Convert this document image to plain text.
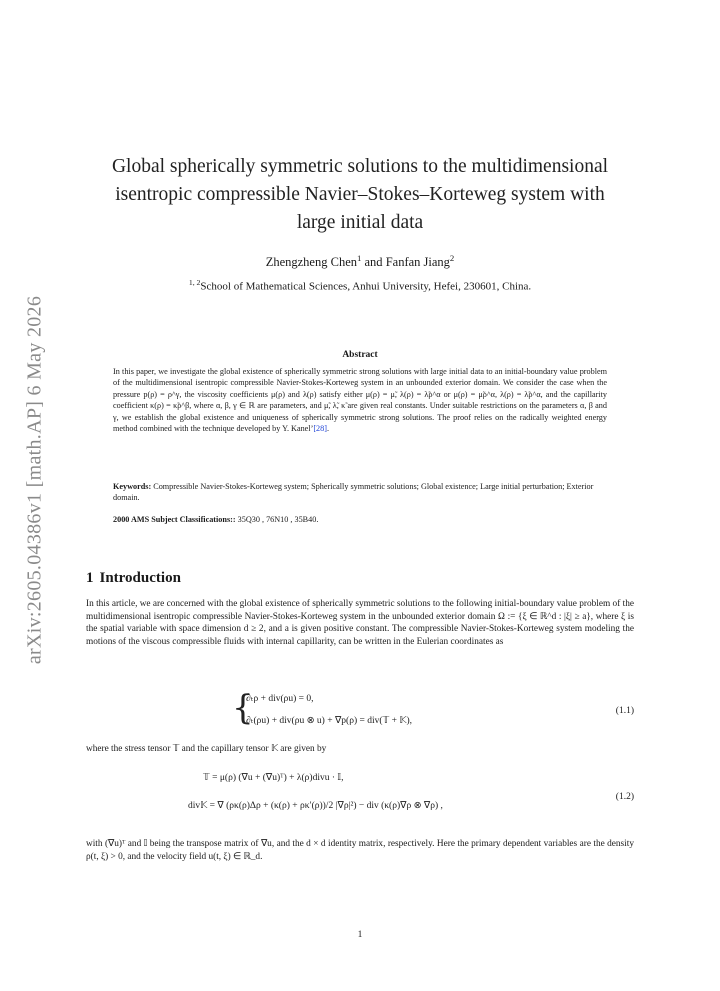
arXiv:2605.04386v1 [math.AP] 6 May 2026
Global spherically symmetric solutions to the multidimensional
isentropic compressible Navier–Stokes–Korteweg system with
large initial data
Zhengzheng Chen$^1$ and Fanfan Jiang$^2$
$^{1, 2}$School of Mathematical Sciences, Anhui University, Hefei, 230601, China.
Abstract
In this paper, we investigate the global existence of spherically symmetric strong solutions with large initial data to an initial-boundary value problem of the multidimensional isentropic compressible Navier-Stokes-Korteweg system in an unbounded exterior domain. We consider the case when the pressure p(ρ) = ρ^γ, the viscosity coefficients μ(ρ) and λ(ρ) satisfy either μ(ρ) = μ̃, λ(ρ) = λ̃ρ^α or μ(ρ) = μ̃ρ^α, λ(ρ) = λ̃ρ^α, and the capillarity coefficient κ(ρ) = κ̃ρ^β, where α, β, γ ∈ ℝ are parameters, and μ̃, λ̃, κ̃ are given real constants. Under suitable restrictions on the parameters α, β and γ, we establish the global existence and uniqueness of spherically symmetric strong solutions. The proof relies on the radically weighted energy method combined with the technique developed by Y. Kanel’[28].
Keywords: Compressible Navier-Stokes-Korteweg system; Spherically symmetric solutions; Global existence; Large initial perturbation; Exterior domain.
2000 AMS Subject Classifications:: 35Q30 , 76N10 , 35B40.
1 Introduction
In this article, we are concerned with the global existence of spherically symmetric solutions to the following initial-boundary value problem of the multidimensional isentropic compressible Navier-Stokes-Korteweg system in the unbounded exterior domain Ω := {ξ ∈ ℝ^d : |ξ| ≥ a}, where ξ is the spatial variable with space dimension d ≥ 2, and a is given positive constant. The compressible Navier-Stokes-Korteweg system modeling the motions of the viscous compressible fluids with internal capillarity, can be written in the Eulerian coordinates as
{
∂ₜρ + div(ρu) = 0,
∂ₜ(ρu) + div(ρu ⊗ u) + ∇p(ρ) = div(𝕋 + 𝕂),
(1.1)
where the stress tensor 𝕋 and the capillary tensor 𝕂 are given by
𝕋 = μ(ρ) (∇u + (∇u)ᵀ) + λ(ρ)divu · 𝕀,
div𝕂 = ∇ (ρκ(ρ)Δρ + (κ(ρ) + ρκ′(ρ))/2 |∇ρ|²) − div (κ(ρ)∇ρ ⊗ ∇ρ) ,
(1.2)
with (∇u)ᵀ and 𝕀 being the transpose matrix of ∇u, and the d × d identity matrix, respectively. Here the primary dependent variables are the density ρ(t, ξ) > 0, and the velocity field u(t, ξ) ∈ ℝ_d.
1
